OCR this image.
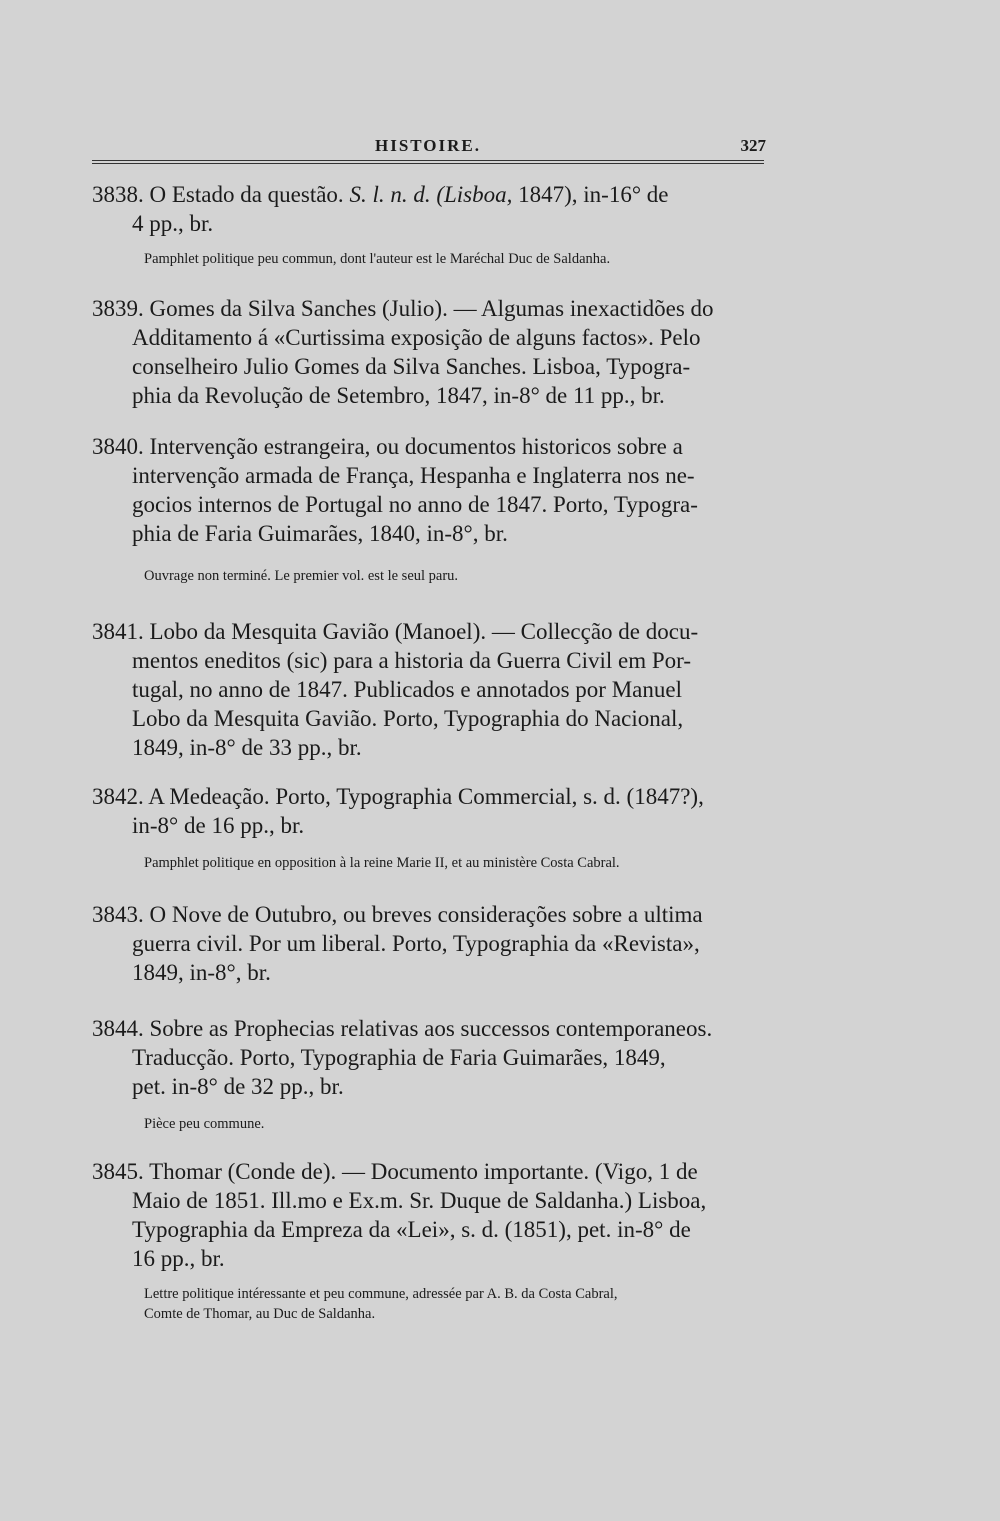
HISTOIRE.	327
3838. O Estado da questão. S. l. n. d. (Lisboa, 1847), in-16° de
4 pp., br.
Pamphlet politique peu commun, dont l'auteur est le Maréchal Duc de Saldanha.
3839. Gomes da Silva Sanches (Julio). — Algumas inexactidões do
Additamento á «Curtissima exposição de alguns factos». Pelo
conselheiro Julio Gomes da Silva Sanches. Lisboa, Typogra-
phia da Revolução de Setembro, 1847, in-8° de 11 pp., br.
3840. Intervenção estrangeira, ou documentos historicos sobre a
intervenção armada de França, Hespanha e Inglaterra nos ne-
gocios internos de Portugal no anno de 1847. Porto, Typogra-
phia de Faria Guimarães, 1840, in-8°, br.
Ouvrage non terminé. Le premier vol. est le seul paru.
3841. Lobo da Mesquita Gavião (Manoel). — Collecção de docu-
mentos eneditos (sic) para a historia da Guerra Civil em Por-
tugal, no anno de 1847. Publicados e annotados por Manuel
Lobo da Mesquita Gavião. Porto, Typographia do Nacional,
1849, in-8° de 33 pp., br.
3842. A Medeação. Porto, Typographia Commercial, s. d. (1847?),
in-8° de 16 pp., br.
Pamphlet politique en opposition à la reine Marie II, et au ministère Costa Cabral.
3843. O Nove de Outubro, ou breves considerações sobre a ultima
guerra civil. Por um liberal. Porto, Typographia da «Revista»,
1849, in-8°, br.
3844. Sobre as Prophecias relativas aos successos contemporaneos.
Traducção. Porto, Typographia de Faria Guimarães, 1849,
pet. in-8° de 32 pp., br.
Pièce peu commune.
3845. Thomar (Conde de). — Documento importante. (Vigo, 1 de
Maio de 1851. Ill.mo e Ex.m. Sr. Duque de Saldanha.) Lisboa,
Typographia da Empreza da «Lei», s. d. (1851), pet. in-8° de
16 pp., br.
Lettre politique intéressante et peu commune, adressée par A. B. da Costa Cabral,
Comte de Thomar, au Duc de Saldanha.
